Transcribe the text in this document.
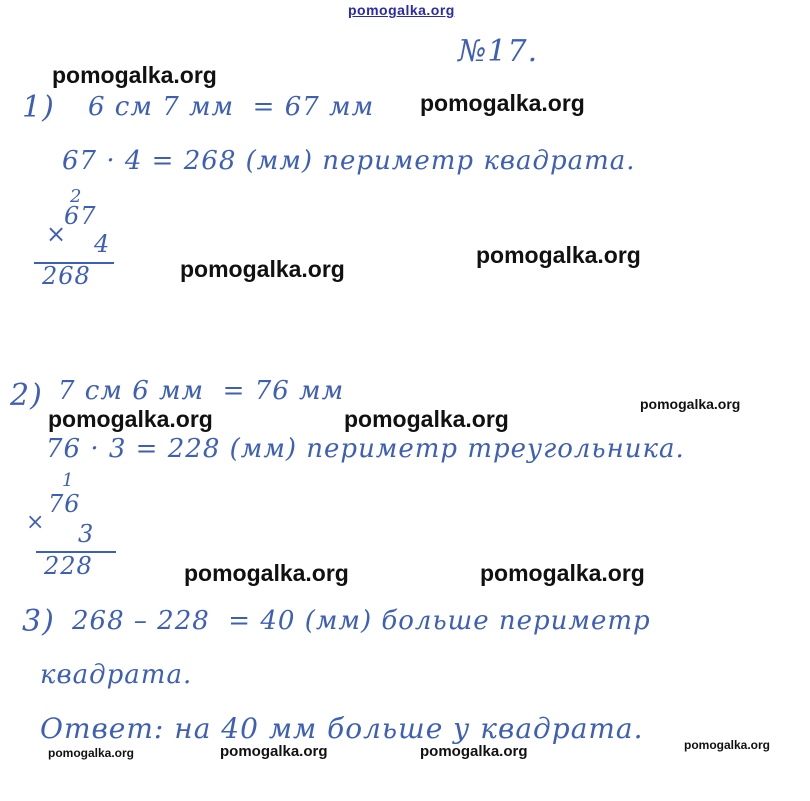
pomogalka.org
№17.
1) 6 см 7 мм  = 67 мм
67 · 4 = 268 (мм) периметр квадрата.
2
×
67
4
268
2) 7 см 6 мм  = 76 мм
76 · 3 = 228 (мм) периметр треугольника.
1
×
76
3
228
3) 268 – 228  = 40 (мм) больше периметр
квадрата.
Ответ: на 40 мм больше у квадрата.
pomogalka.org
pomogalka.org
pomogalka.org
pomogalka.org
pomogalka.org
pomogalka.org	pomogalka.org
pomogalka.org	pomogalka.org
pomogalka.org
pomogalka.org	pomogalka.org	pomogalka.org
